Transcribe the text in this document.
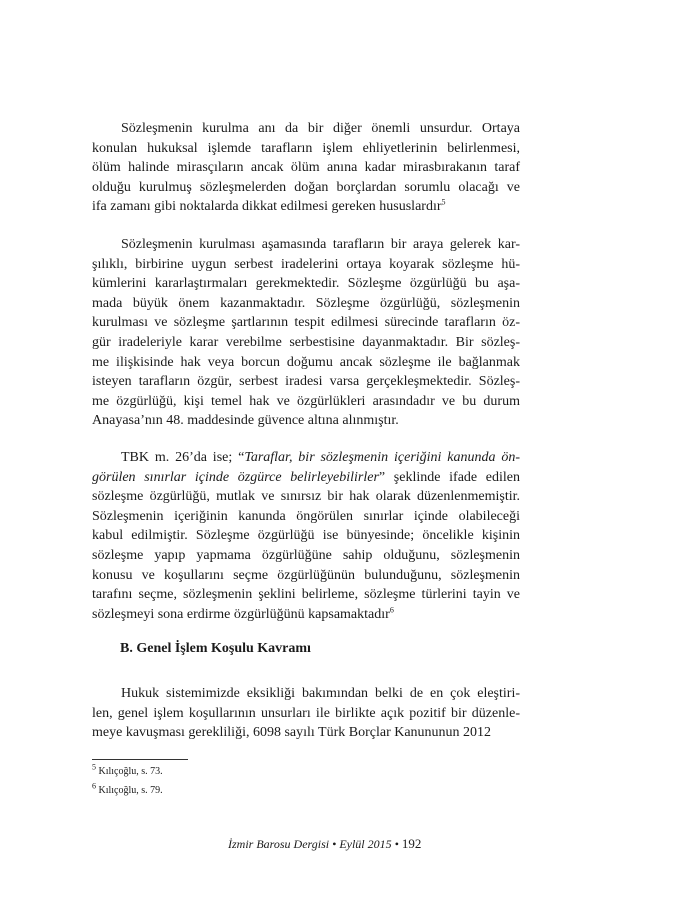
Sözleşmenin kurulma anı da bir diğer önemli unsurdur. Ortaya
konulan hukuksal işlemde tarafların işlem ehliyetlerinin belirlenmesi,
ölüm halinde mirasçıların ancak ölüm anına kadar mirasbırakanın taraf
olduğu kurulmuş sözleşmelerden doğan borçlardan sorumlu olacağı ve
ifa zamanı gibi noktalarda dikkat edilmesi gereken hususlardır$^5$
Sözleşmenin kurulması aşamasında tarafların bir araya gelerek kar-
şılıklı, birbirine uygun serbest iradelerini ortaya koyarak sözleşme hü-
kümlerini kararlaştırmaları gerekmektedir. Sözleşme özgürlüğü bu aşa-
mada büyük önem kazanmaktadır. Sözleşme özgürlüğü, sözleşmenin
kurulması ve sözleşme şartlarının tespit edilmesi sürecinde tarafların öz-
gür iradeleriyle karar verebilme serbestisine dayanmaktadır. Bir sözleş-
me ilişkisinde hak veya borcun doğumu ancak sözleşme ile bağlanmak
isteyen tarafların özgür, serbest iradesi varsa gerçekleşmektedir. Sözleş-
me özgürlüğü, kişi temel hak ve özgürlükleri arasındadır ve bu durum
Anayasa’nın 48. maddesinde güvence altına alınmıştır.
TBK m. 26’da ise; “Taraflar, bir sözleşmenin içeriğini kanunda ön-
görülen sınırlar içinde özgürce belirleyebilirler” şeklinde ifade edilen
sözleşme özgürlüğü, mutlak ve sınırsız bir hak olarak düzenlenmemiştir.
Sözleşmenin içeriğinin kanunda öngörülen sınırlar içinde olabileceği
kabul edilmiştir. Sözleşme özgürlüğü ise bünyesinde; öncelikle kişinin
sözleşme yapıp yapmama özgürlüğüne sahip olduğunu, sözleşmenin
konusu ve koşullarını seçme özgürlüğünün bulunduğunu, sözleşmenin
tarafını seçme, sözleşmenin şeklini belirleme, sözleşme türlerini tayin ve
sözleşmeyi sona erdirme özgürlüğünü kapsamaktadır$^6$

B. Genel İşlem Koşulu Kavramı

Hukuk sistemimizde eksikliği bakımından belki de en çok eleştiri-
len, genel işlem koşullarının unsurları ile birlikte açık pozitif bir düzenle-
meye kavuşması gerekliliği, 6098 sayılı Türk Borçlar Kanununun 2012

$^5$ Kılıçoğlu, s. 73.

$^6$ Kılıçoğlu, s. 79.

İzmir Barosu Dergisi • Eylül 2015 • 192
